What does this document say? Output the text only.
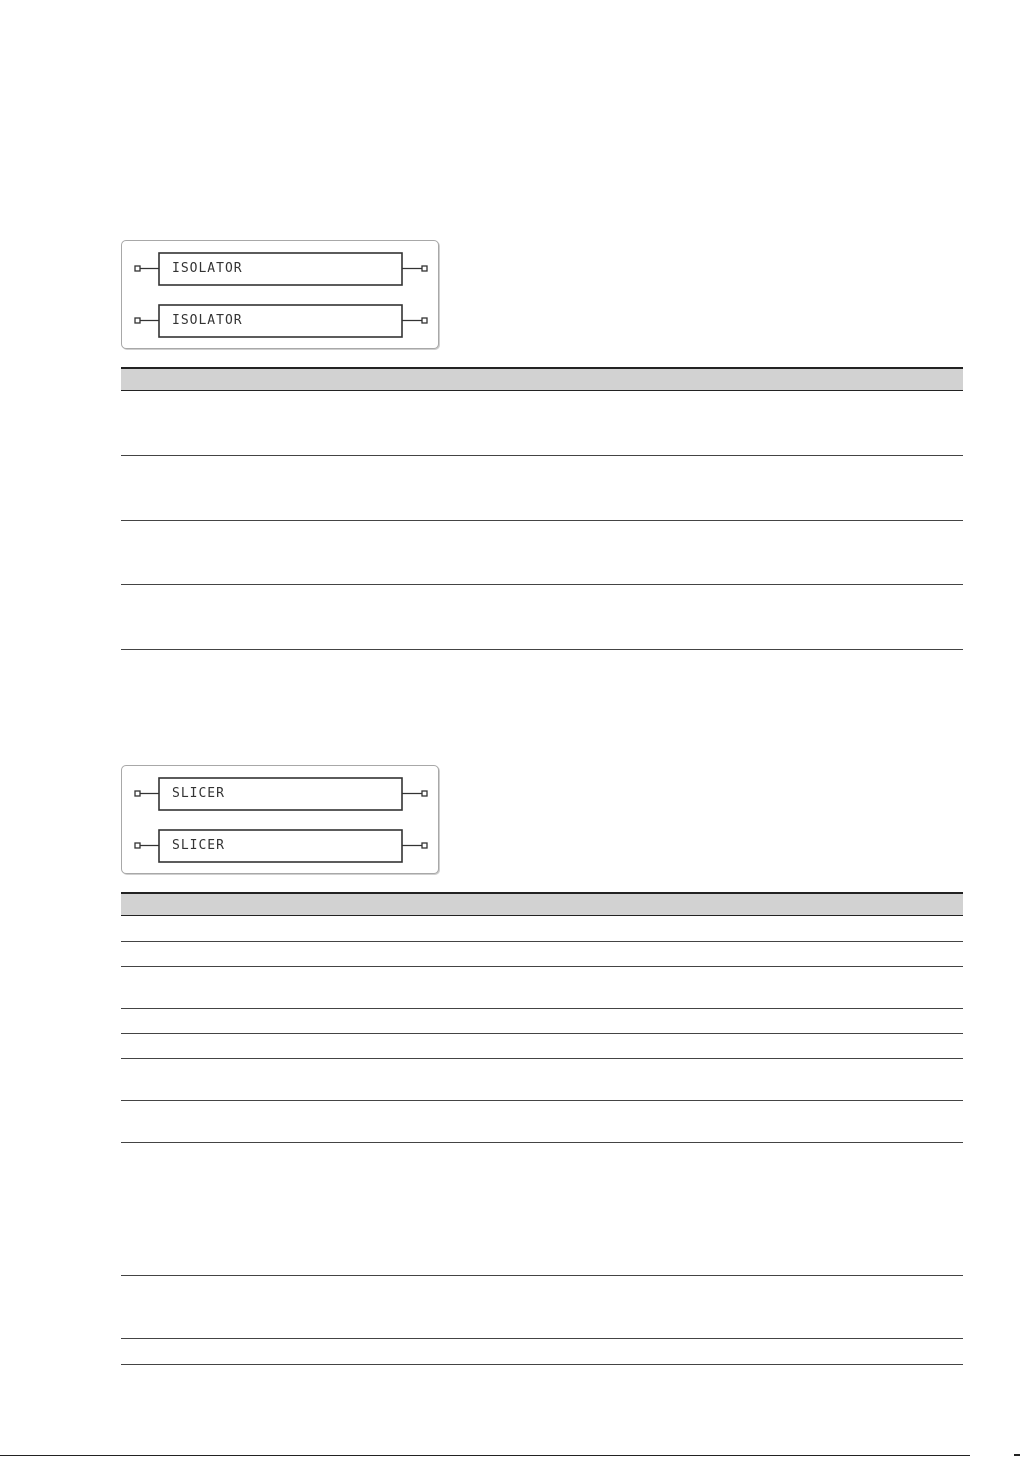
ISOLATOR
ISOLATOR
SLICER
SLICER
